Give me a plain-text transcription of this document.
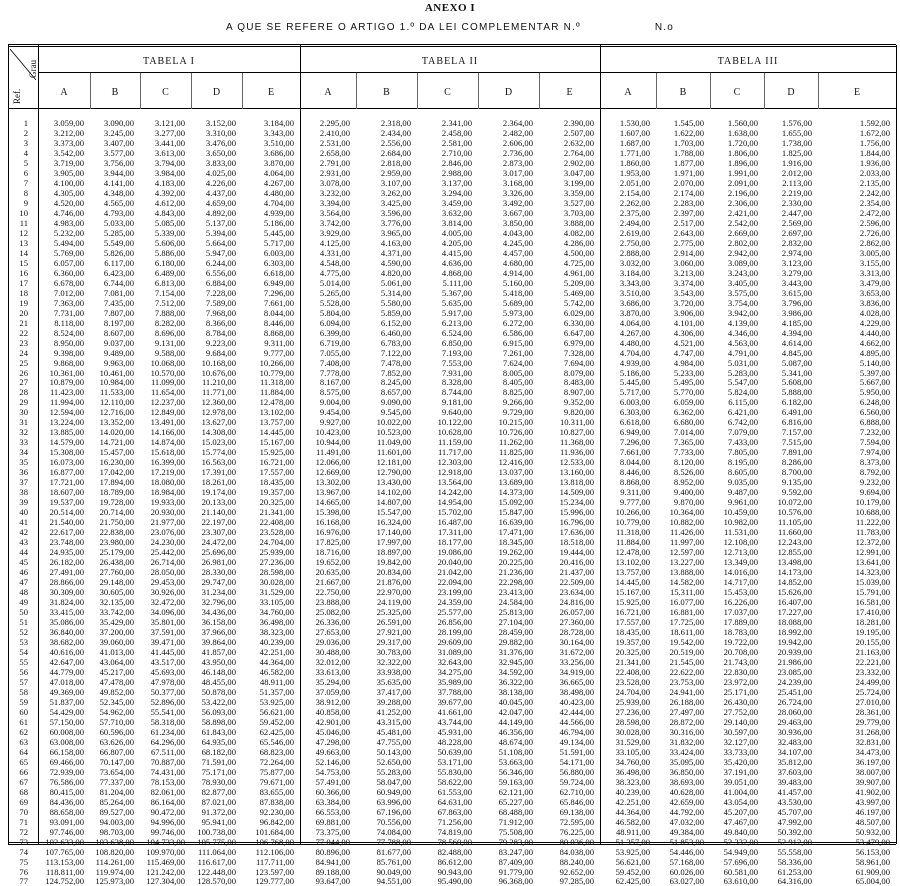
ANEXO I
A QUE SE REFERE O ARTIGO 1.º DA LEI COMPLEMENTAR N.º	N.o
Grau
Ref.
1	3.059,00	3.090,00	3.121,00	3.152,00	3.184,00	2.295,00	2.318,00	2.341,00	2.364,00	2.390,00	1.530,00	1.545,00	1.560,00	1.576,00	1.592,00
2	3.212,00	3.245,00	3.277,00	3.310,00	3.343,00	2.410,00	2.434,00	2.458,00	2.482,00	2.507,00	1.607,00	1.622,00	1.638,00	1.655,00	1.672,00
3	3.373,00	3.407,00	3.441,00	3.476,00	3.510,00	2.531,00	2.556,00	2.581,00	2.606,00	2.632,00	1.687,00	1.703,00	1.720,00	1.738,00	1.756,00
4	3.542,00	3.577,00	3.613,00	3.650,00	3.686,00	2.658,00	2.684,00	2.710,00	2.736,00	2.764,00	1.771,00	1.788,00	1.806,00	1.825,00	1.844,00
5	3.719,00	3.756,00	3.794,00	3.833,00	3.870,00	2.791,00	2.818,00	2.846,00	2.873,00	2.902,00	1.860,00	1.877,00	1.896,00	1.916,00	1.936,00
6	3.905,00	3.944,00	3.984,00	4.025,00	4.064,00	2.931,00	2.959,00	2.988,00	3.017,00	3.047,00	1.953,00	1.971,00	1.991,00	2.012,00	2.033,00
7	4.100,00	4.141,00	4.183,00	4.226,00	4.267,00	3.078,00	3.107,00	3.137,00	3.168,00	3.199,00	2.051,00	2.070,00	2.091,00	2.113,00	2.135,00
8	4.305,00	4.348,00	4.392,00	4.437,00	4.480,00	3.232,00	3.262,00	3.294,00	3.326,00	3.359,00	2.154,00	2.174,00	2.196,00	2.219,00	2.242,00
9	4.520,00	4.565,00	4.612,00	4.659,00	4.704,00	3.394,00	3.425,00	3.459,00	3.492,00	3.527,00	2.262,00	2.283,00	2.306,00	2.330,00	2.354,00
10	4.746,00	4.793,00	4.843,00	4.892,00	4.939,00	3.564,00	3.596,00	3.632,00	3.667,00	3.703,00	2.375,00	2.397,00	2.421,00	2.447,00	2.472,00
11	4.983,00	5.033,00	5.085,00	5.137,00	5.186,00	3.742,00	3.776,00	3.814,00	3.850,00	3.888,00	2.494,00	2.517,00	2.542,00	2.569,00	2.596,00
12	5.232,00	5.285,00	5.339,00	5.394,00	5.445,00	3.929,00	3.965,00	4.005,00	4.043,00	4.082,00	2.619,00	2.643,00	2.669,00	2.697,00	2.726,00
13	5.494,00	5.549,00	5.606,00	5.664,00	5.717,00	4.125,00	4.163,00	4.205,00	4.245,00	4.286,00	2.750,00	2.775,00	2.802,00	2.832,00	2.862,00
14	5.769,00	5.826,00	5.886,00	5.947,00	6.003,00	4.331,00	4.371,00	4.415,00	4.457,00	4.500,00	2.888,00	2.914,00	2.942,00	2.974,00	3.005,00
15	6.057,00	6.117,00	6.180,00	6.244,00	6.303,00	4.548,00	4.590,00	4.636,00	4.680,00	4.725,00	3.032,00	3.060,00	3.089,00	3.123,00	3.155,00
16	6.360,00	6.423,00	6.489,00	6.556,00	6.618,00	4.775,00	4.820,00	4.868,00	4.914,00	4.961,00	3.184,00	3.213,00	3.243,00	3.279,00	3.313,00
17	6.678,00	6.744,00	6.813,00	6.884,00	6.949,00	5.014,00	5.061,00	5.111,00	5.160,00	5.209,00	3.343,00	3.374,00	3.405,00	3.443,00	3.479,00
18	7.012,00	7.081,00	7.154,00	7.228,00	7.296,00	5.265,00	5.314,00	5.367,00	5.418,00	5.469,00	3.510,00	3.543,00	3.575,00	3.615,00	3.653,00
19	7.363,00	7.435,00	7.512,00	7.589,00	7.661,00	5.528,00	5.580,00	5.635,00	5.689,00	5.742,00	3.686,00	3.720,00	3.754,00	3.796,00	3.836,00
20	7.731,00	7.807,00	7.888,00	7.968,00	8.044,00	5.804,00	5.859,00	5.917,00	5.973,00	6.029,00	3.870,00	3.906,00	3.942,00	3.986,00	4.028,00
21	8.118,00	8.197,00	8.282,00	8.366,00	8.446,00	6.094,00	6.152,00	6.213,00	6.272,00	6.330,00	4.064,00	4.101,00	4.139,00	4.185,00	4.229,00
22	8.524,00	8.607,00	8.696,00	8.784,00	8.868,00	6.399,00	6.460,00	6.524,00	6.586,00	6.647,00	4.267,00	4.306,00	4.346,00	4.394,00	4.440,00
23	8.950,00	9.037,00	9.131,00	9.223,00	9.311,00	6.719,00	6.783,00	6.850,00	6.915,00	6.979,00	4.480,00	4.521,00	4.563,00	4.614,00	4.662,00
24	9.398,00	9.489,00	9.588,00	9.684,00	9.777,00	7.055,00	7.122,00	7.193,00	7.261,00	7.328,00	4.704,00	4.747,00	4.791,00	4.845,00	4.895,00
25	9.868,00	9.963,00	10.068,00	10.168,00	10.266,00	7.408,00	7.478,00	7.553,00	7.624,00	7.694,00	4.939,00	4.984,00	5.031,00	5.087,00	5.140,00
26	10.361,00	10.461,00	10.570,00	10.676,00	10.779,00	7.778,00	7.852,00	7.931,00	8.005,00	8.079,00	5.186,00	5.233,00	5.283,00	5.341,00	5.397,00
27	10.879,00	10.984,00	11.099,00	11.210,00	11.318,00	8.167,00	8.245,00	8.328,00	8.405,00	8.483,00	5.445,00	5.495,00	5.547,00	5.608,00	5.667,00
28	11.423,00	11.533,00	11.654,00	11.771,00	11.884,00	8.575,00	8.657,00	8.744,00	8.825,00	8.907,00	5.717,00	5.770,00	5.824,00	5.888,00	5.950,00
29	11.994,00	12.110,00	12.237,00	12.360,00	12.478,00	9.004,00	9.090,00	9.181,00	9.266,00	9.352,00	6.003,00	6.059,00	6.115,00	6.182,00	6.248,00
30	12.594,00	12.716,00	12.849,00	12.978,00	13.102,00	9.454,00	9.545,00	9.640,00	9.729,00	9.820,00	6.303,00	6.362,00	6.421,00	6.491,00	6.560,00
31	13.224,00	13.352,00	13.491,00	13.627,00	13.757,00	9.927,00	10.022,00	10.122,00	10.215,00	10.311,00	6.618,00	6.680,00	6.742,00	6.816,00	6.888,00
32	13.885,00	14.020,00	14.166,00	14.308,00	14.445,00	10.423,00	10.523,00	10.628,00	10.726,00	10.827,00	6.949,00	7.014,00	7.079,00	7.157,00	7.232,00
33	14.579,00	14.721,00	14.874,00	15.023,00	15.167,00	10.944,00	11.049,00	11.159,00	11.262,00	11.368,00	7.296,00	7.365,00	7.433,00	7.515,00	7.594,00
34	15.308,00	15.457,00	15.618,00	15.774,00	15.925,00	11.491,00	11.601,00	11.717,00	11.825,00	11.936,00	7.661,00	7.733,00	7.805,00	7.891,00	7.974,00
35	16.073,00	16.230,00	16.399,00	16.563,00	16.721,00	12.066,00	12.181,00	12.303,00	12.416,00	12.533,00	8.044,00	8.120,00	8.195,00	8.286,00	8.373,00
36	16.877,00	17.042,00	17.219,00	17.391,00	17.557,00	12.669,00	12.790,00	12.918,00	13.037,00	13.160,00	8.446,00	8.526,00	8.605,00	8.700,00	8.792,00
37	17.721,00	17.894,00	18.080,00	18.261,00	18.435,00	13.302,00	13.430,00	13.564,00	13.689,00	13.818,00	8.868,00	8.952,00	9.035,00	9.135,00	9.232,00
38	18.607,00	18.789,00	18.984,00	19.174,00	19.357,00	13.967,00	14.102,00	14.242,00	14.373,00	14.509,00	9.311,00	9.400,00	9.487,00	9.592,00	9.694,00
39	19.537,00	19.728,00	19.933,00	20.133,00	20.325,00	14.665,00	14.807,00	14.954,00	15.092,00	15.234,00	9.777,00	9.870,00	9.961,00	10.072,00	10.179,00
40	20.514,00	20.714,00	20.930,00	21.140,00	21.341,00	15.398,00	15.547,00	15.702,00	15.847,00	15.996,00	10.266,00	10.364,00	10.459,00	10.576,00	10.688,00
41	21.540,00	21.750,00	21.977,00	22.197,00	22.408,00	16.168,00	16.324,00	16.487,00	16.639,00	16.796,00	10.779,00	10.882,00	10.982,00	11.105,00	11.222,00
42	22.617,00	22.838,00	23.076,00	23.307,00	23.528,00	16.976,00	17.140,00	17.311,00	17.471,00	17.636,00	11.318,00	11.426,00	11.531,00	11.660,00	11.783,00
43	23.748,00	23.980,00	24.230,00	24.472,00	24.704,00	17.825,00	17.997,00	18.177,00	18.345,00	18.518,00	11.884,00	11.997,00	12.108,00	12.243,00	12.372,00
44	24.935,00	25.179,00	25.442,00	25.696,00	25.939,00	18.716,00	18.897,00	19.086,00	19.262,00	19.444,00	12.478,00	12.597,00	12.713,00	12.855,00	12.991,00
45	26.182,00	26.438,00	26.714,00	26.981,00	27.236,00	19.652,00	19.842,00	20.040,00	20.225,00	20.416,00	13.102,00	13.227,00	13.349,00	13.498,00	13.641,00
46	27.491,00	27.760,00	28.050,00	28.330,00	28.598,00	20.635,00	20.834,00	21.042,00	21.236,00	21.437,00	13.757,00	13.888,00	14.016,00	14.173,00	14.323,00
47	28.866,00	29.148,00	29.453,00	29.747,00	30.028,00	21.667,00	21.876,00	22.094,00	22.298,00	22.509,00	14.445,00	14.582,00	14.717,00	14.852,00	15.039,00
48	30.309,00	30.605,00	30.926,00	31.234,00	31.529,00	22.750,00	22.970,00	23.199,00	23.413,00	23.634,00	15.167,00	15.311,00	15.453,00	15.626,00	15.791,00
49	31.824,00	32.135,00	32.472,00	32.796,00	33.105,00	23.888,00	24.119,00	24.359,00	24.584,00	24.816,00	15.925,00	16.077,00	16.226,00	16.407,00	16.581,00
50	33.415,00	33.742,00	34.096,00	34.436,00	34.760,00	25.082,00	25.325,00	25.577,00	25.813,00	26.057,00	16.721,00	16.881,00	17.037,00	17.227,00	17.410,00
51	35.086,00	35.429,00	35.801,00	36.158,00	36.498,00	26.336,00	26.591,00	26.856,00	27.104,00	27.360,00	17.557,00	17.725,00	17.889,00	18.088,00	18.281,00
52	36.840,00	37.200,00	37.591,00	37.966,00	38.323,00	27.653,00	27.921,00	28.199,00	28.459,00	28.728,00	18.435,00	18.611,00	18.783,00	18.992,00	19.195,00
53	38.682,00	39.060,00	39.471,00	39.864,00	40.239,00	29.036,00	29.317,00	29.609,00	29.882,00	30.164,00	19.357,00	19.542,00	19.722,00	19.942,00	20.155,00
54	40.616,00	41.013,00	41.445,00	41.857,00	42.251,00	30.488,00	30.783,00	31.089,00	31.376,00	31.672,00	20.325,00	20.519,00	20.708,00	20.939,00	21.163,00
55	42.647,00	43.064,00	43.517,00	43.950,00	44.364,00	32.012,00	32.322,00	32.643,00	32.945,00	33.256,00	21.341,00	21.545,00	21.743,00	21.986,00	22.221,00
56	44.779,00	45.217,00	45.693,00	46.148,00	46.582,00	33.613,00	33.938,00	34.275,00	34.592,00	34.919,00	22.408,00	22.622,00	22.830,00	23.085,00	23.332,00
57	47.018,00	47.478,00	47.978,00	48.455,00	48.911,00	35.294,00	35.635,00	35.989,00	36.322,00	36.665,00	23.528,00	23.753,00	23.972,00	24.239,00	24.499,00
58	49.369,00	49.852,00	50.377,00	50.878,00	51.357,00	37.059,00	37.417,00	37.788,00	38.138,00	38.498,00	24.704,00	24.941,00	25.171,00	25.451,00	25.724,00
59	51.837,00	52.345,00	52.896,00	53.422,00	53.925,00	38.912,00	39.288,00	39.677,00	40.045,00	40.423,00	25.939,00	26.188,00	26.430,00	26.724,00	27.010,00
60	54.429,00	54.962,00	55.541,00	56.093,00	56.621,00	40.858,00	41.252,00	41.661,00	42.047,00	42.444,00	27.236,00	27.497,00	27.752,00	28.060,00	28.361,00
61	57.150,00	57.710,00	58.318,00	58.898,00	59.452,00	42.901,00	43.315,00	43.744,00	44.149,00	44.566,00	28.598,00	28.872,00	29.140,00	29.463,00	29.779,00
62	60.008,00	60.596,00	61.234,00	61.843,00	62.425,00	45.046,00	45.481,00	45.931,00	46.356,00	46.794,00	30.028,00	30.316,00	30.597,00	30.936,00	31.268,00
63	63.008,00	63.626,00	64.296,00	64.935,00	65.546,00	47.298,00	47.755,00	48.228,00	48.674,00	49.134,00	31.529,00	31.832,00	32.127,00	32.483,00	32.831,00
64	66.158,00	66.807,00	67.511,00	68.182,00	68.823,00	49.663,00	50.143,00	50.639,00	51.108,00	51.591,00	33.105,00	33.424,00	33.733,00	34.107,00	34.473,00
65	69.466,00	70.147,00	70.887,00	71.591,00	72.264,00	52.146,00	52.650,00	53.171,00	53.663,00	54.171,00	34.760,00	35.095,00	35.420,00	35.812,00	36.197,00
66	72.939,00	73.654,00	74.431,00	75.171,00	75.877,00	54.753,00	55.283,00	55.830,00	56.346,00	56.880,00	36.498,00	36.850,00	37.191,00	37.603,00	38.007,00
67	76.586,00	77.337,00	78.153,00	78.930,00	79.671,00	57.491,00	58.047,00	58.622,00	59.163,00	59.724,00	38.323,00	38.693,00	39.051,00	39.483,00	39.907,00
68	80.415,00	81.204,00	82.061,00	82.877,00	83.655,00	60.366,00	60.949,00	61.553,00	62.121,00	62.710,00	40.239,00	40.628,00	41.004,00	41.457,00	41.902,00
69	84.436,00	85.264,00	86.164,00	87.021,00	87.838,00	63.384,00	63.996,00	64.631,00	65.227,00	65.846,00	42.251,00	42.659,00	43.054,00	43.530,00	43.997,00
70	88.658,00	89.527,00	90.472,00	91.372,00	92.230,00	66.553,00	67.196,00	67.863,00	68.488,00	69.138,00	44.364,00	44.792,00	45.207,00	45.707,00	46.197,00
71	93.091,00	94.003,00	94.996,00	95.941,00	96.842,00	69.881,00	70.556,00	71.256,00	71.912,00	72.595,00	46.582,00	47.032,00	47.467,00	47.992,00	48.507,00
72	97.746,00	98.703,00	99.746,00	100.738,00	101.684,00	73.375,00	74.084,00	74.819,00	75.508,00	76.225,00	48.911,00	49.384,00	49.840,00	50.392,00	50.932,00
73	102.633,00	103.638,00	104.733,00	105.775,00	106.768,00	77.044,00	77.788,00	78.560,00	79.283,00	80.036,00	51.357,00	51.853,00	52.332,00	52.912,00	53.479,00
74	107.765,00	108.820,00	109.970,00	111.064,00	112.106,00	80.896,00	81.677,00	82.488,00	83.247,00	84.038,00	53.925,00	54.446,00	54.949,00	55.558,00	56.153,00
75	113.153,00	114.261,00	115.469,00	116.617,00	117.711,00	84.941,00	85.761,00	86.612,00	87.409,00	88.240,00	56.621,00	57.168,00	57.696,00	58.336,00	58.961,00
76	118.811,00	119.974,00	121.242,00	122.448,00	123.597,00	89.188,00	90.049,00	90.943,00	91.779,00	92.652,00	59.452,00	60.026,00	60.581,00	61.253,00	61.909,00
77	124.752,00	125.973,00	127.304,00	128.570,00	129.777,00	93.647,00	94.551,00	95.490,00	96.368,00	97.285,00	62.425,00	63.027,00	63.610,00	64.316,00	65.004,00
TABELA I
A	B	C	D	E
TABELA II
A	B	C	D	E
TABELA III
A	B	C	D	E
